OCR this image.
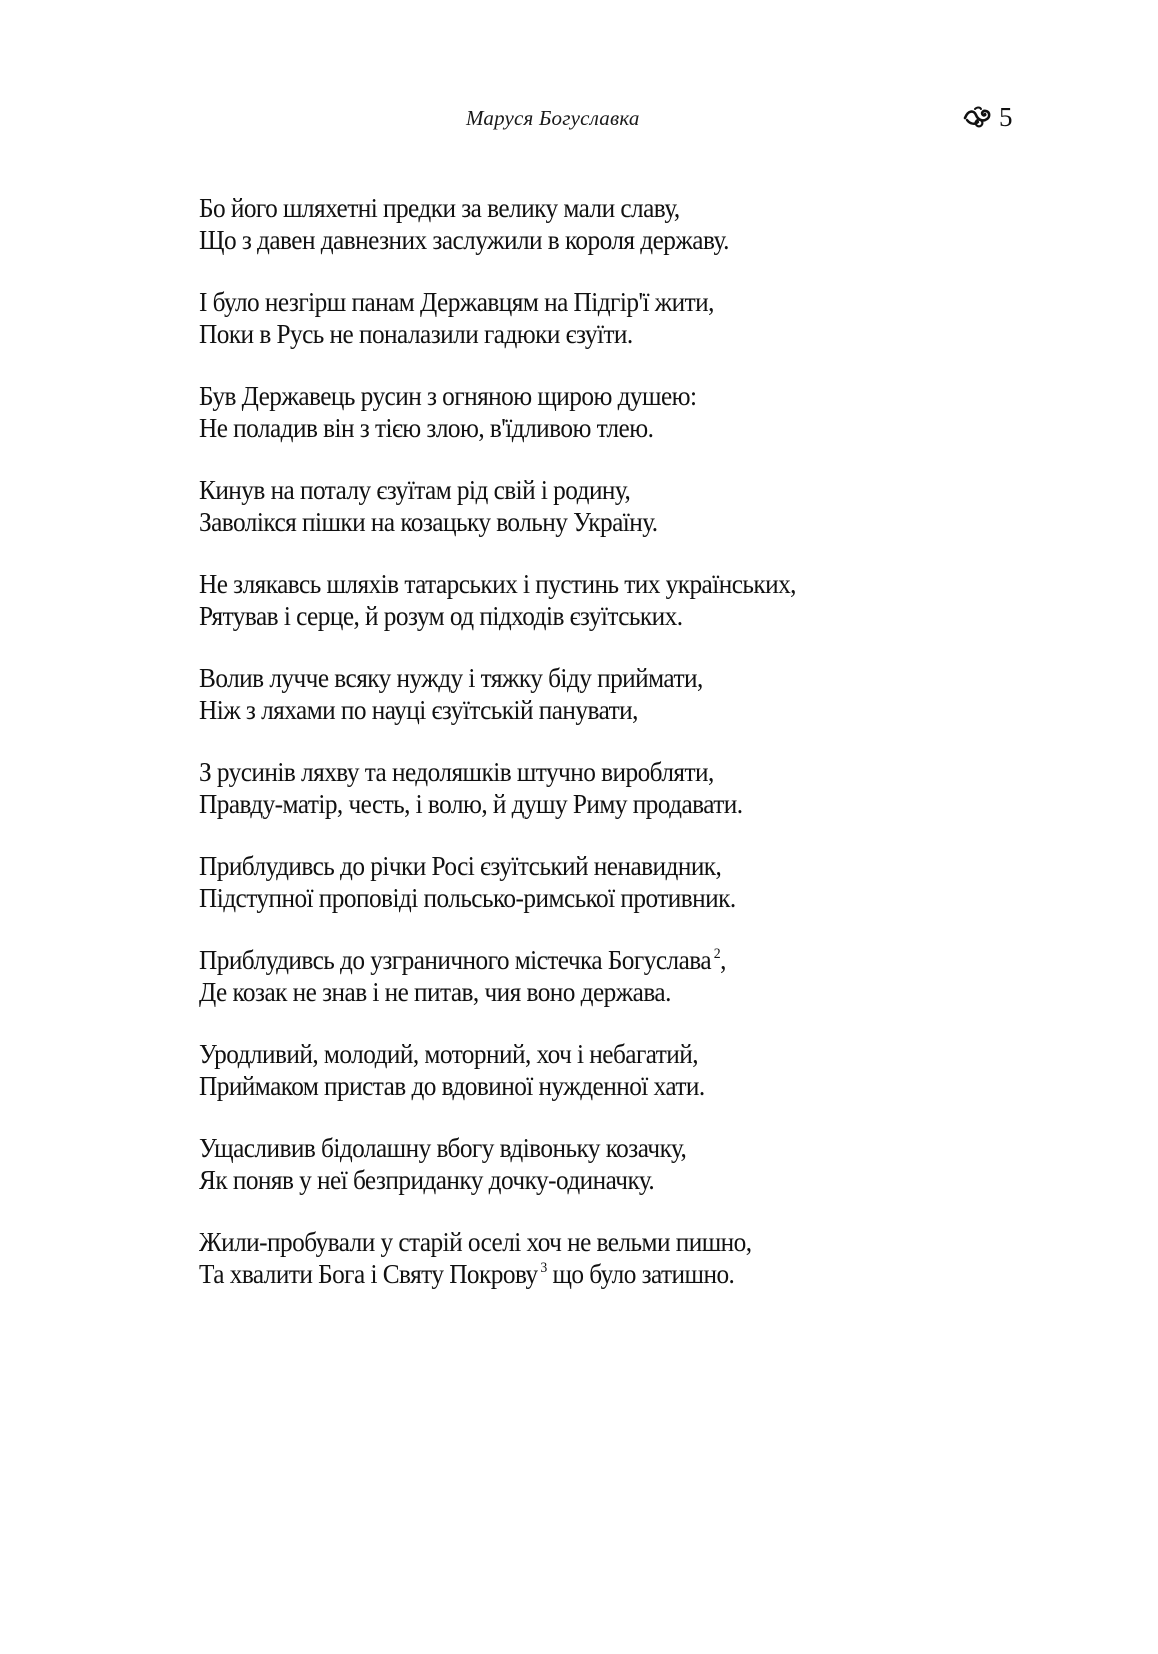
Маруся Богуславка	5
Бо його шляхетні предки за велику мали славу,
Що з давен давнезних заслужили в короля державу.
І було незгірш панам Державцям на Підгір'ї жити,
Поки в Русь не поналазили гадюки єзуїти.
Був Державець русин з огняною щирою душею:
Не поладив він з тією злою, в'їдливою тлею.
Кинув на поталу єзуїтам рід свій і родину,
Заволікся пішки на козацьку вольну Україну.
Не злякавсь шляхів татарських і пустинь тих українських,
Рятував і серце, й розум од підходів єзуїтських.
Волив лучче всяку нужду і тяжку біду приймати,
Ніж з ляхами по науці єзуїтській панувати,
З русинів ляхву та недоляшків штучно виробляти,
Правду-матір, честь, і волю, й душу Риму продавати.
Приблудивсь до річки Росі єзуїтський ненавидник,
Підступної проповіді польсько-римської противник.
Приблудивсь до узграничного містечка Богуслава $^2$,
Де козак не знав і не питав, чия воно держава.
Уродливий, молодий, моторний, хоч і небагатий,
Приймаком пристав до вдовиної нужденної хати.
Ущасливив бідолашну вбогу вдівоньку козачку,
Як поняв у неї безприданку дочку-одиначку.
Жили-пробували у старій оселі хоч не вельми пишно,
Та хвалити Бога і Святу Покрову $^3$ що було затишно.
